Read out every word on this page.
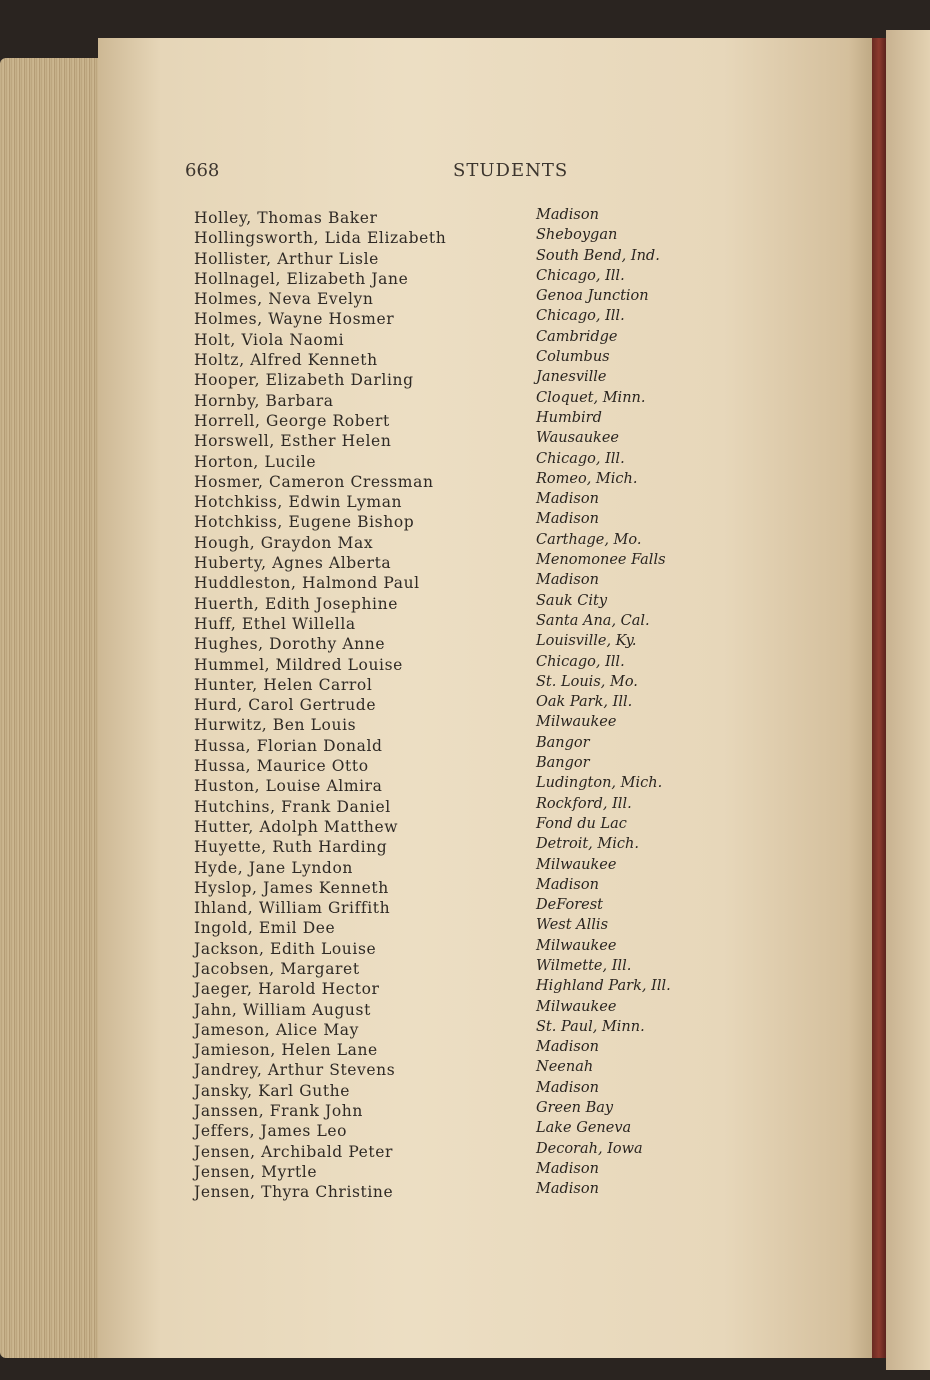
668	STUDENTS
Holley, Thomas Baker
Hollingsworth, Lida Elizabeth
Hollister, Arthur Lisle
Hollnagel, Elizabeth Jane
Holmes, Neva Evelyn
Holmes, Wayne Hosmer
Holt, Viola Naomi
Holtz, Alfred Kenneth
Hooper, Elizabeth Darling
Hornby, Barbara
Horrell, George Robert
Horswell, Esther Helen
Horton, Lucile
Hosmer, Cameron Cressman
Hotchkiss, Edwin Lyman
Hotchkiss, Eugene Bishop
Hough, Graydon Max
Huberty, Agnes Alberta
Huddleston, Halmond Paul
Huerth, Edith Josephine
Huff, Ethel Willella
Hughes, Dorothy Anne
Hummel, Mildred Louise
Hunter, Helen Carrol
Hurd, Carol Gertrude
Hurwitz, Ben Louis
Hussa, Florian Donald
Hussa, Maurice Otto
Huston, Louise Almira
Hutchins, Frank Daniel
Hutter, Adolph Matthew
Huyette, Ruth Harding
Hyde, Jane Lyndon
Hyslop, James Kenneth
Ihland, William Griffith
Ingold, Emil Dee
Jackson, Edith Louise
Jacobsen, Margaret
Jaeger, Harold Hector
Jahn, William August
Jameson, Alice May
Jamieson, Helen Lane
Jandrey, Arthur Stevens
Jansky, Karl Guthe
Janssen, Frank John
Jeffers, James Leo
Jensen, Archibald Peter
Jensen, Myrtle
Jensen, Thyra Christine
Madison
Sheboygan
South Bend, Ind.
Chicago, Ill.
Genoa Junction
Chicago, Ill.
Cambridge
Columbus
Janesville
Cloquet, Minn.
Humbird
Wausaukee
Chicago, Ill.
Romeo, Mich.
Madison
Madison
Carthage, Mo.
Menomonee Falls
Madison
Sauk City
Santa Ana, Cal.
Louisville, Ky.
Chicago, Ill.
St. Louis, Mo.
Oak Park, Ill.
Milwaukee
Bangor
Bangor
Ludington, Mich.
Rockford, Ill.
Fond du Lac
Detroit, Mich.
Milwaukee
Madison
DeForest
West Allis
Milwaukee
Wilmette, Ill.
Highland Park, Ill.
Milwaukee
St. Paul, Minn.
Madison
Neenah
Madison
Green Bay
Lake Geneva
Decorah, Iowa
Madison
Madison
